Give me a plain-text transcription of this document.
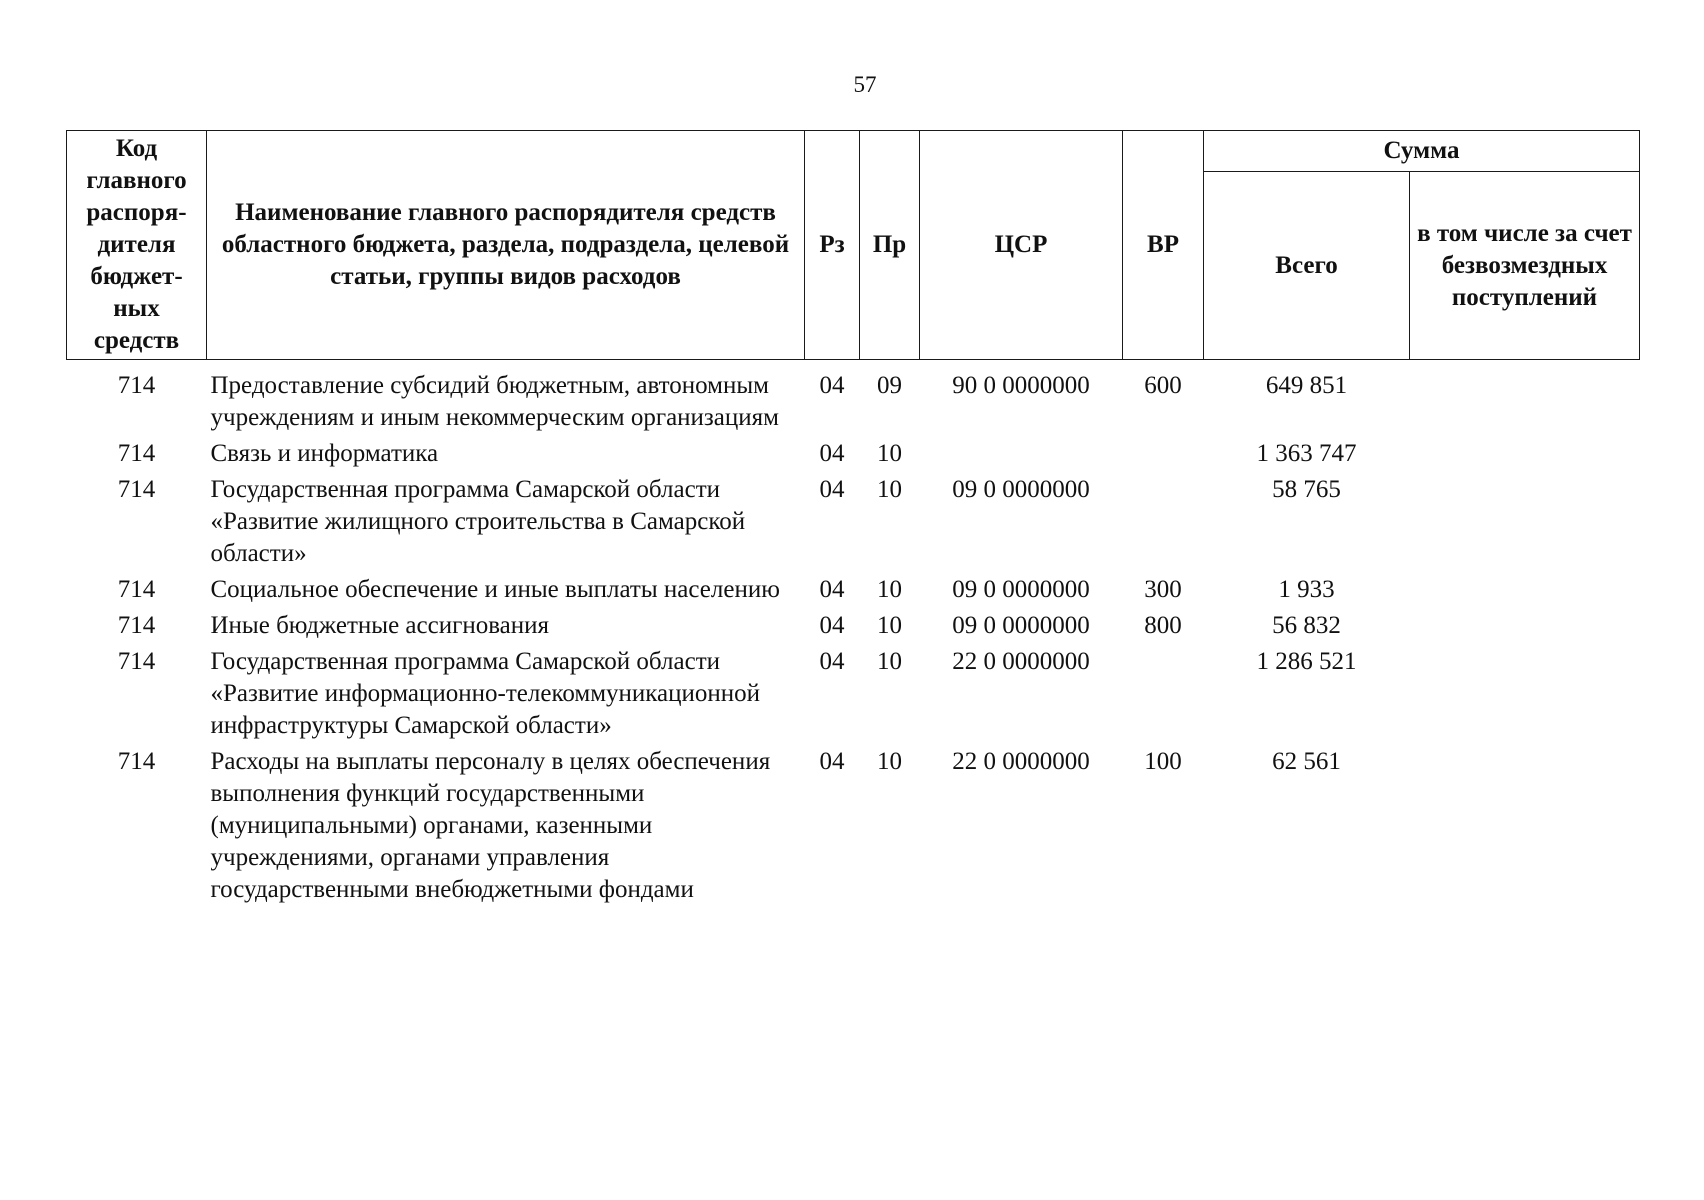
57
Код главного распоря-дителя бюджет-ных средств	Наименование главного распорядителя средств областного бюджета, раздела, подраздела, целевой статьи, группы видов расходов	Рз	Пр	ЦСР	ВР	Сумма	
						Всего	в том числе за счет безвозмездных поступлений
714	Предоставление субсидий бюджетным, автономным учреждениям и иным некоммерческим организациям	04	09	90 0 0000000	600	649 851	
714	Связь и информатика	04	10			1 363 747	
714	Государственная программа Самарской области «Развитие жилищного строительства в Самарской области»	04	10	09 0 0000000		58 765	
714	Социальное обеспечение и иные выплаты населению	04	10	09 0 0000000	300	1 933	
714	Иные бюджетные ассигнования	04	10	09 0 0000000	800	56 832	
714	Государственная программа Самарской области «Развитие информационно-телекоммуникационной инфраструктуры Самарской области»	04	10	22 0 0000000		1 286 521	
714	Расходы на выплаты персоналу в целях обеспечения выполнения функций государственными (муниципальными) органами, казенными учреждениями, органами управления государственными внебюджетными фондами	04	10	22 0 0000000	100	62 561	
